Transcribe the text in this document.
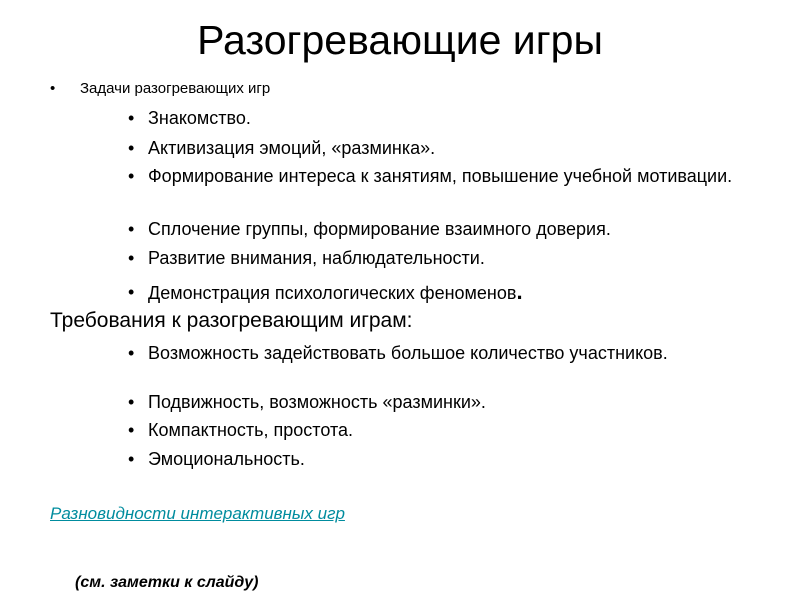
Разогревающие игры
• Задачи разогревающих игр
• Знакомство.
• Активизация эмоций, «разминка».
• Формирование интереса к занятиям, повышение учебной мотивации.
• Сплочение группы, формирование взаимного доверия.
• Развитие внимания, наблюдательности.
• Демонстрация психологических феноменов.
Требования к разогревающим играм:
• Возможность задействовать большое количество участников.
• Подвижность, возможность «разминки».
• Компактность, простота.
• Эмоциональность.
Разновидности интерактивных игр
(см. заметки к слайду)
